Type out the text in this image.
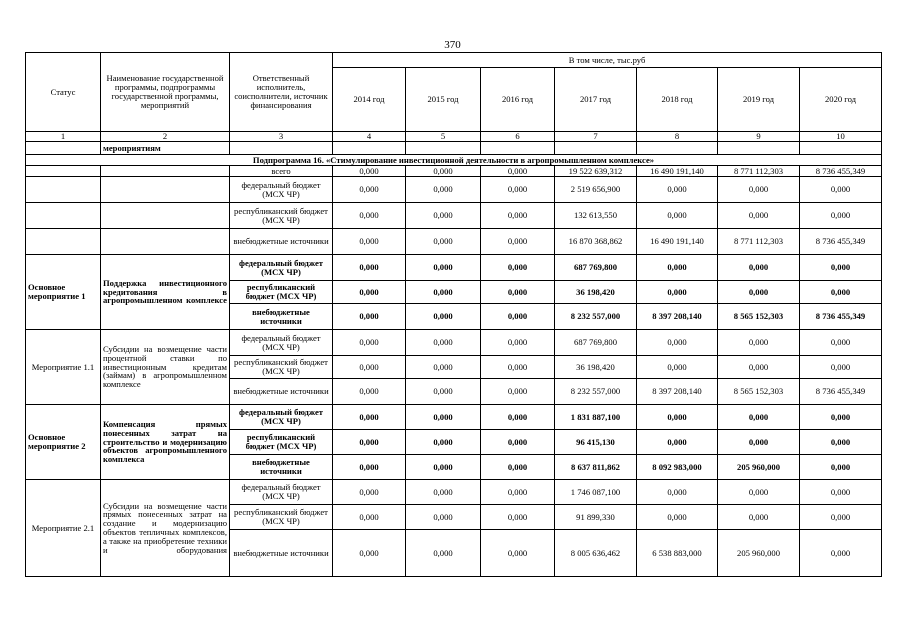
370
Статус	Наименование государственной программы, подпрограммы государственной программы, мероприятий	Ответственный исполнитель, соисполнители, источник финансирования	В том числе, тыс.руб						
			2014 год	2015 год	2016 год	2017 год	2018 год	2019 год	2020 год
1	2	3	4	5	6	7	8	9	10
	мероприятиям								
Подпрограмма 16. «Стимулирование инвестиционной деятельности в агропромышленном комплексе»									
		всего	0,000	0,000	0,000	19 522 639,312	16 490 191,140	8 771 112,303	8 736 455,349
		федеральный бюджет (МСХ ЧР)	0,000	0,000	0,000	2 519 656,900	0,000	0,000	0,000
		республиканский бюджет (МСХ ЧР)	0,000	0,000	0,000	132 613,550	0,000	0,000	0,000
		внебюджетные источники	0,000	0,000	0,000	16 870 368,862	16 490 191,140	8 771 112,303	8 736 455,349
Основное мероприятие 1	Поддержка инвестиционного кредитования в агропромышленном комплексе	федеральный бюджет (МСХ ЧР)	0,000	0,000	0,000	687 769,800	0,000	0,000	0,000
		республиканский бюджет (МСХ ЧР)	0,000	0,000	0,000	36 198,420	0,000	0,000	0,000
		внебюджетные источники	0,000	0,000	0,000	8 232 557,000	8 397 208,140	8 565 152,303	8 736 455,349
Мероприятие 1.1	Субсидии на возмещение части процентной ставки по инвестиционным кредитам (займам) в агропромышленном комплексе	федеральный бюджет (МСХ ЧР)	0,000	0,000	0,000	687 769,800	0,000	0,000	0,000
		республиканский бюджет (МСХ ЧР)	0,000	0,000	0,000	36 198,420	0,000	0,000	0,000
		внебюджетные источники	0,000	0,000	0,000	8 232 557,000	8 397 208,140	8 565 152,303	8 736 455,349
Основное мероприятие 2	Компенсация прямых понесенных затрат на строительство и модернизацию объектов агропромышленного комплекса	федеральный бюджет (МСХ ЧР)	0,000	0,000	0,000	1 831 887,100	0,000	0,000	0,000
		республиканский бюджет (МСХ ЧР)	0,000	0,000	0,000	96 415,130	0,000	0,000	0,000
		внебюджетные источники	0,000	0,000	0,000	8 637 811,862	8 092 983,000	205 960,000	0,000
Мероприятие 2.1	Субсидии на возмещение части прямых понесенных затрат на создание и модернизацию объектов тепличных комплексов, а также на приобретение техники и оборудования	федеральный бюджет (МСХ ЧР)	0,000	0,000	0,000	1 746 087,100	0,000	0,000	0,000
		республиканский бюджет (МСХ ЧР)	0,000	0,000	0,000	91 899,330	0,000	0,000	0,000
		внебюджетные источники	0,000	0,000	0,000	8 005 636,462	6 538 883,000	205 960,000	0,000
